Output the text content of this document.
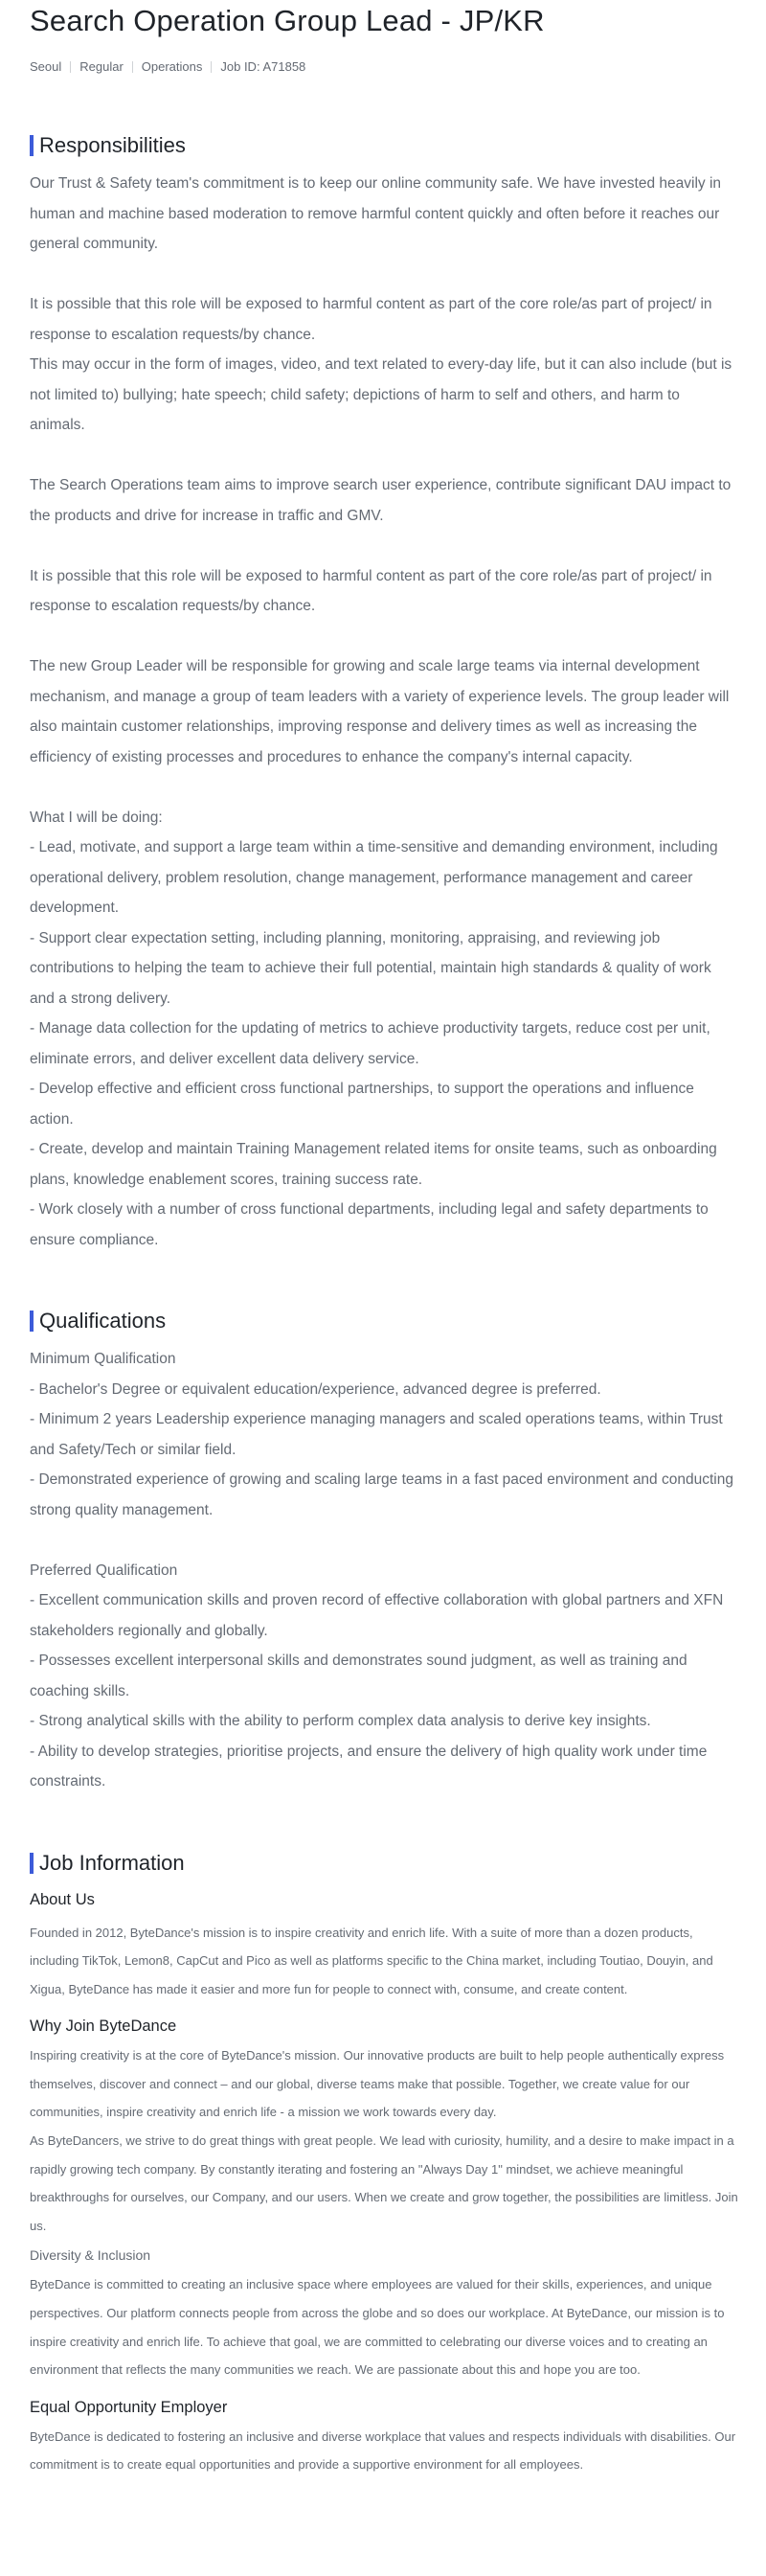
Search Operation Group Lead - JP/KR
Seoul Regular Operations Job ID: A71858
Responsibilities
Our Trust & Safety team's commitment is to keep our online community safe. We have invested heavily in human and machine based moderation to remove harmful content quickly and often before it reaches our general community.

It is possible that this role will be exposed to harmful content as part of the core role/as part of project/ in response to escalation requests/by chance.
This may occur in the form of images, video, and text related to every-day life, but it can also include (but is not limited to) bullying; hate speech; child safety; depictions of harm to self and others, and harm to animals.

The Search Operations team aims to improve search user experience, contribute significant DAU impact to the products and drive for increase in traffic and GMV.

It is possible that this role will be exposed to harmful content as part of the core role/as part of project/ in response to escalation requests/by chance.

The new Group Leader will be responsible for growing and scale large teams via internal development mechanism, and manage a group of team leaders with a variety of experience levels. The group leader will also maintain customer relationships, improving response and delivery times as well as increasing the efficiency of existing processes and procedures to enhance the company's internal capacity.

What I will be doing:
- Lead, motivate, and support a large team within a time-sensitive and demanding environment, including operational delivery, problem resolution, change management, performance management and career development.
- Support clear expectation setting, including planning, monitoring, appraising, and reviewing job contributions to helping the team to achieve their full potential, maintain high standards & quality of work and a strong delivery.
- Manage data collection for the updating of metrics to achieve productivity targets, reduce cost per unit, eliminate errors, and deliver excellent data delivery service.
- Develop effective and efficient cross functional partnerships, to support the operations and influence action.
- Create, develop and maintain Training Management related items for onsite teams, such as onboarding plans, knowledge enablement scores, training success rate.
- Work closely with a number of cross functional departments, including legal and safety departments to ensure compliance.
Qualifications
Minimum Qualification
- Bachelor's Degree or equivalent education/experience, advanced degree is preferred.
- Minimum 2 years Leadership experience managing managers and scaled operations teams, within Trust and Safety/Tech or similar field.
- Demonstrated experience of growing and scaling large teams in a fast paced environment and conducting strong quality management.

Preferred Qualification
- Excellent communication skills and proven record of effective collaboration with global partners and XFN stakeholders regionally and globally.
- Possesses excellent interpersonal skills and demonstrates sound judgment, as well as training and coaching skills.
- Strong analytical skills with the ability to perform complex data analysis to derive key insights.
- Ability to develop strategies, prioritise projects, and ensure the delivery of high quality work under time constraints.
Job Information
About Us
Founded in 2012, ByteDance's mission is to inspire creativity and enrich life. With a suite of more than a dozen products, including TikTok, Lemon8, CapCut and Pico as well as platforms specific to the China market, including Toutiao, Douyin, and Xigua, ByteDance has made it easier and more fun for people to connect with, consume, and create content.
Why Join ByteDance
Inspiring creativity is at the core of ByteDance's mission. Our innovative products are built to help people authentically express themselves, discover and connect – and our global, diverse teams make that possible. Together, we create value for our communities, inspire creativity and enrich life - a mission we work towards every day.
As ByteDancers, we strive to do great things with great people. We lead with curiosity, humility, and a desire to make impact in a rapidly growing tech company. By constantly iterating and fostering an "Always Day 1" mindset, we achieve meaningful breakthroughs for ourselves, our Company, and our users. When we create and grow together, the possibilities are limitless. Join us.
Diversity & Inclusion
ByteDance is committed to creating an inclusive space where employees are valued for their skills, experiences, and unique perspectives. Our platform connects people from across the globe and so does our workplace. At ByteDance, our mission is to inspire creativity and enrich life. To achieve that goal, we are committed to celebrating our diverse voices and to creating an environment that reflects the many communities we reach. We are passionate about this and hope you are too.
Equal Opportunity Employer
ByteDance is dedicated to fostering an inclusive and diverse workplace that values and respects individuals with disabilities. Our commitment is to create equal opportunities and provide a supportive environment for all employees.
